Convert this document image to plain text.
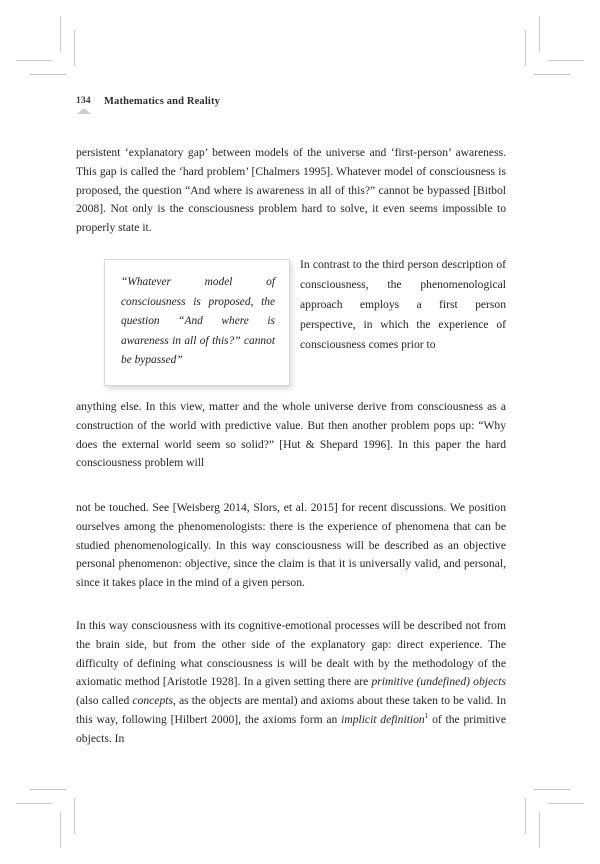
134 Mathematics and Reality

persistent ‘explanatory gap’ between models of the universe and ‘first-person’ awareness. This gap is called the ‘hard problem’ [Chalmers 1995]. Whatever model of consciousness is proposed, the question “And where is awareness in all of this?” cannot be bypassed [Bitbol 2008]. Not only is the consciousness problem hard to solve, it even seems impossible to properly state it.

“Whatever model of consciousness is proposed, the question “And where is awareness in all of this?” cannot be bypassed”

In contrast to the third person description of consciousness, the phenomenological approach employs a first person perspective, in which the experience of consciousness comes prior to

anything else. In this view, matter and the whole universe derive from consciousness as a construction of the world with predictive value. But then another problem pops up: “Why does the external world seem so solid?” [Hut & Shepard 1996]. In this paper the hard consciousness problem will

not be touched. See [Weisberg 2014, Slors, et al. 2015] for recent discussions. We position ourselves among the phenomenologists: there is the experience of phenomena that can be studied phenomenologically. In this way consciousness will be described as an objective personal phenomenon: objective, since the claim is that it is universally valid, and personal, since it takes place in the mind of a given person.

In this way consciousness with its cognitive-emotional processes will be described not from the brain side, but from the other side of the explanatory gap: direct experience. The difficulty of defining what consciousness is will be dealt with by the methodology of the axiomatic method [Aristotle 1928]. In a given setting there are primitive (undefined) objects (also called concepts, as the objects are mental) and axioms about these taken to be valid. In this way, following [Hilbert 2000], the axioms form an implicit definition$^1$ of the primitive objects. In
